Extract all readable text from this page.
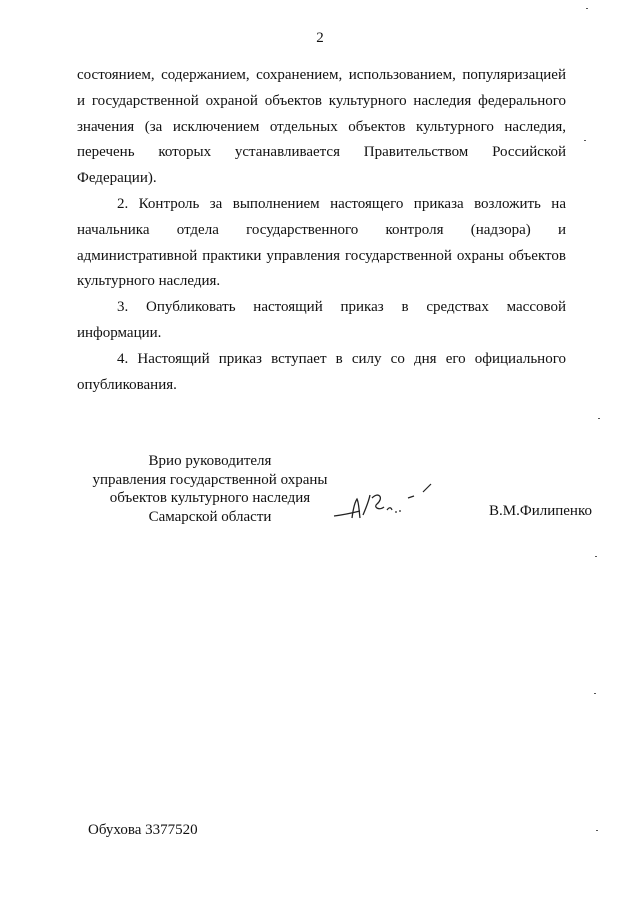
2

состоянием, содержанием, сохранением, использованием, популяризацией и государственной охраной объектов культурного наследия федерального значения (за исключением отдельных объектов культурного наследия, перечень которых устанавливается Правительством Российской Федерации).

2. Контроль за выполнением настоящего приказа возложить на начальника отдела государственного контроля (надзора) и административной практики управления государственной охраны объектов культурного наследия.

3. Опубликовать настоящий приказ в средствах массовой информации.

4. Настоящий приказ вступает в силу со дня его официального опубликования.

Врио руководителя
управления государственной охраны
объектов культурного наследия
Самарской области	В.М.Филипенко
Обухова 3377520
